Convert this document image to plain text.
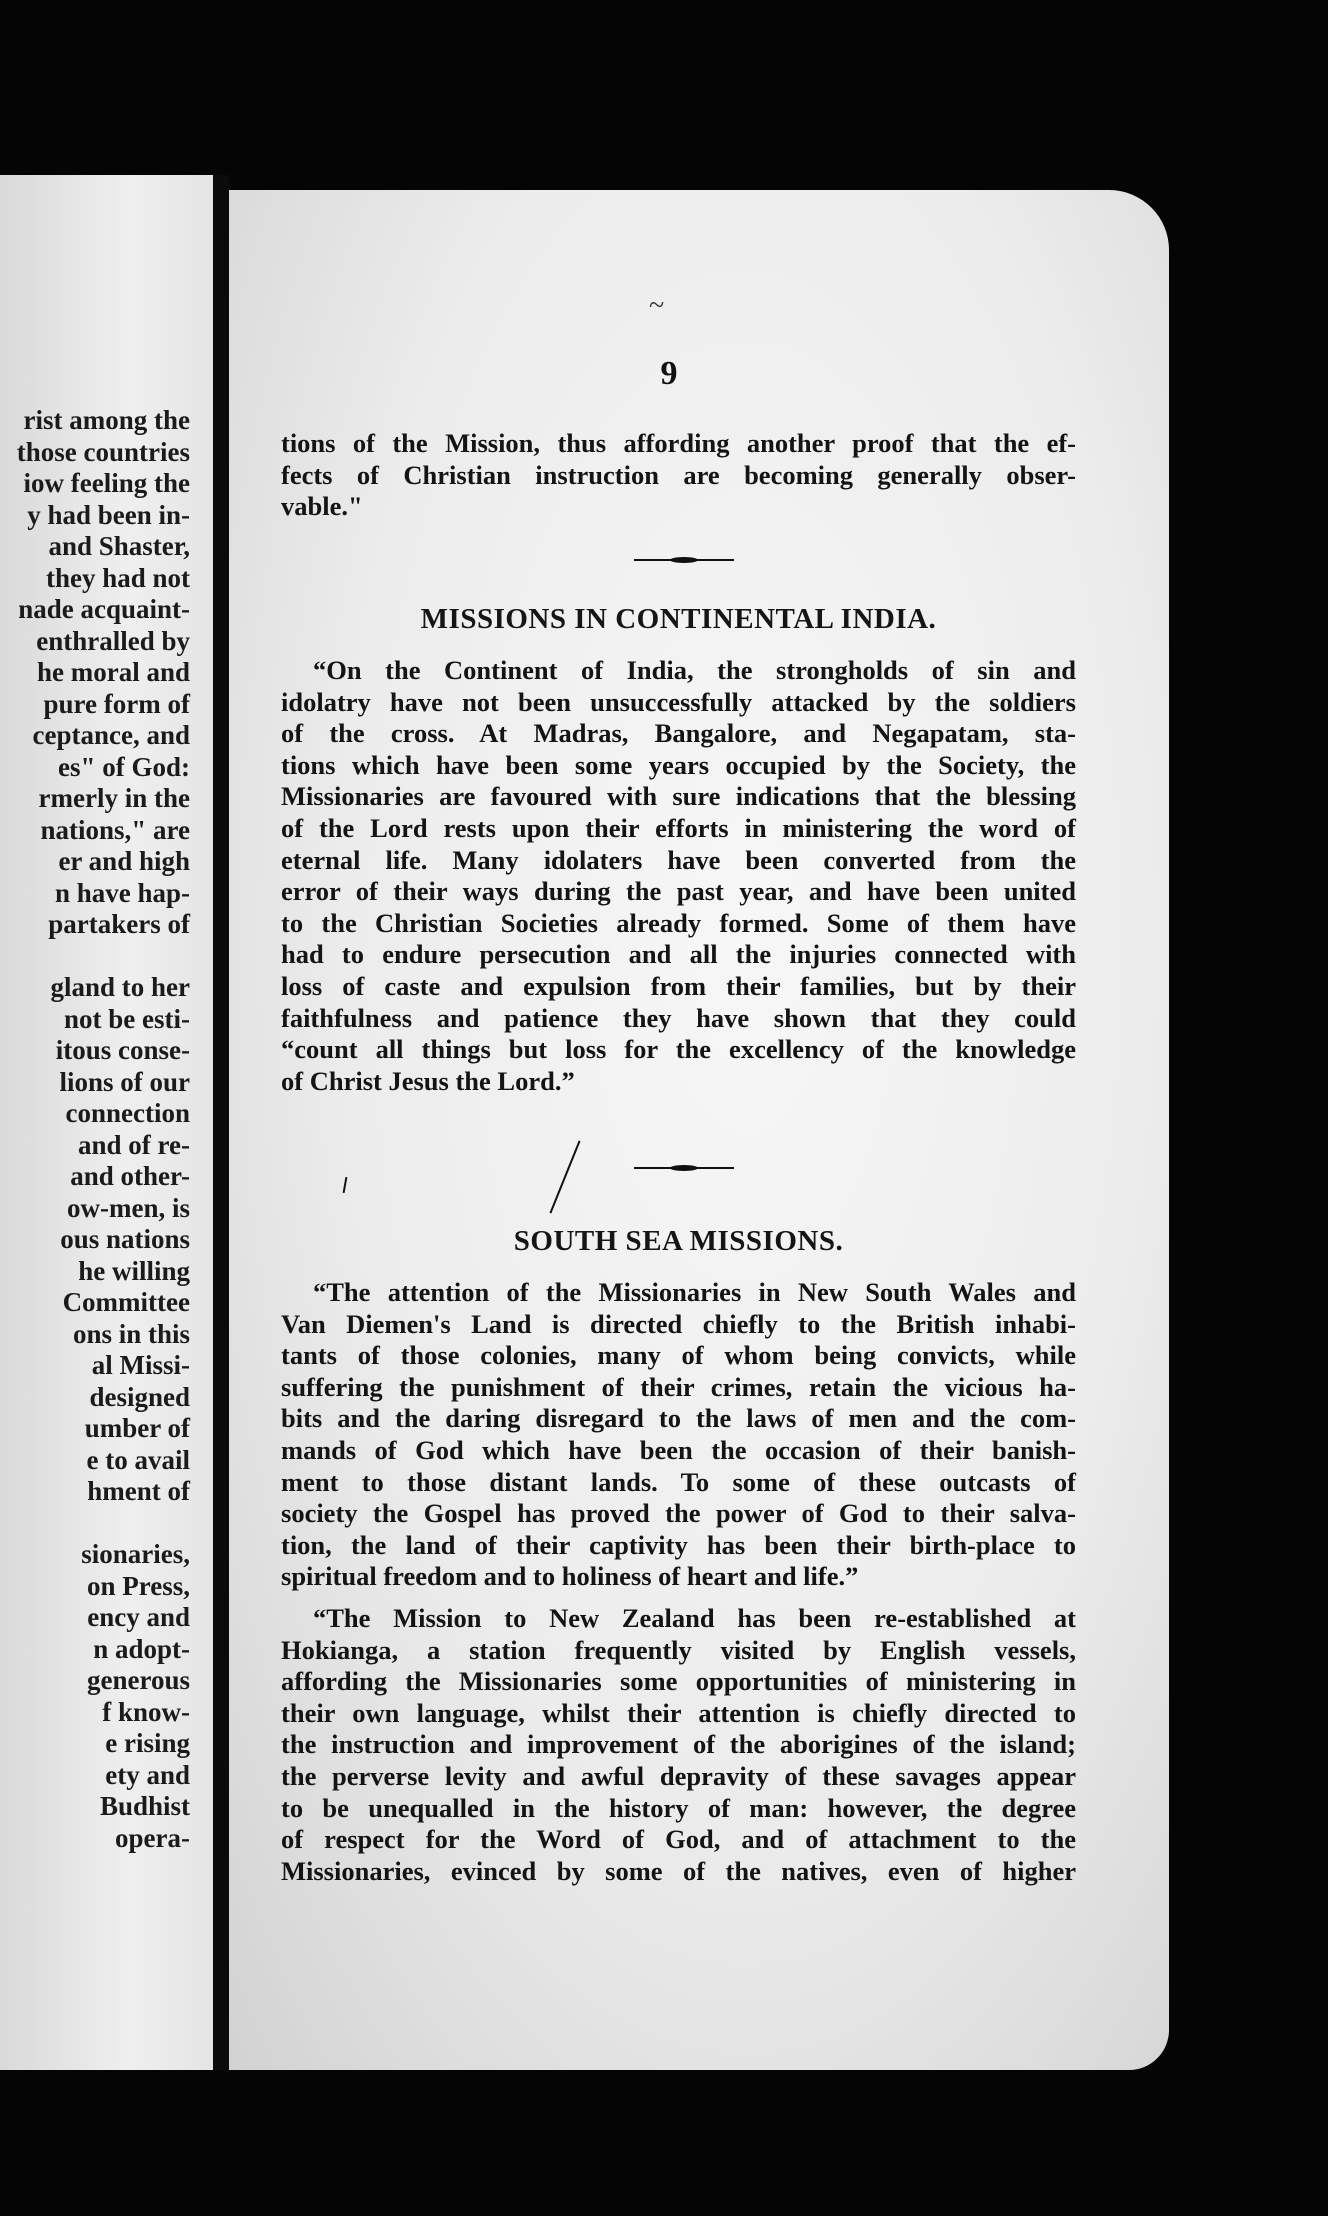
rist among the
those countries
iow feeling the
y had been in-
and Shaster,
they had not
nade acquaint-
enthralled by
he moral and
pure form of
ceptance, and
es" of God:
rmerly in the
nations," are
er and high
n have hap-
partakers of
gland to her
not be esti-
itous conse-
lions of our
connection
and of re-
and other-
ow-men, is
ous nations
he willing
Committee
ons in this
al Missi-
designed
umber of
e to avail
hment of
sionaries,
on Press,
ency and
n adopt-
generous
f know-
e rising
ety and
Budhist
opera-
~
9
tions of the Mission, thus affording another proof that the ef-
fects of Christian instruction are becoming generally obser-
vable."
MISSIONS IN CONTINENTAL INDIA.
“On the Continent of India, the strongholds of sin and
idolatry have not been unsuccessfully attacked by the soldiers
of the cross. At Madras, Bangalore, and Negapatam, sta-
tions which have been some years occupied by the Society, the
Missionaries are favoured with sure indications that the blessing
of the Lord rests upon their efforts in ministering the word of
eternal life. Many idolaters have been converted from the
error of their ways during the past year, and have been united
to the Christian Societies already formed. Some of them have
had to endure persecution and all the injuries connected with
loss of caste and expulsion from their families, but by their
faithfulness and patience they have shown that they could
“count all things but loss for the excellency of the knowledge
of Christ Jesus the Lord.”
SOUTH SEA MISSIONS.
“The attention of the Missionaries in New South Wales and
Van Diemen's Land is directed chiefly to the British inhabi-
tants of those colonies, many of whom being convicts, while
suffering the punishment of their crimes, retain the vicious ha-
bits and the daring disregard to the laws of men and the com-
mands of God which have been the occasion of their banish-
ment to those distant lands. To some of these outcasts of
society the Gospel has proved the power of God to their salva-
tion, the land of their captivity has been their birth-place to
spiritual freedom and to holiness of heart and life.”
“The Mission to New Zealand has been re-established at
Hokianga, a station frequently visited by English vessels,
affording the Missionaries some opportunities of ministering in
their own language, whilst their attention is chiefly directed to
the instruction and improvement of the aborigines of the island;
the perverse levity and awful depravity of these savages appear
to be unequalled in the history of man: however, the degree
of respect for the Word of God, and of attachment to the
Missionaries, evinced by some of the natives, even of higher
